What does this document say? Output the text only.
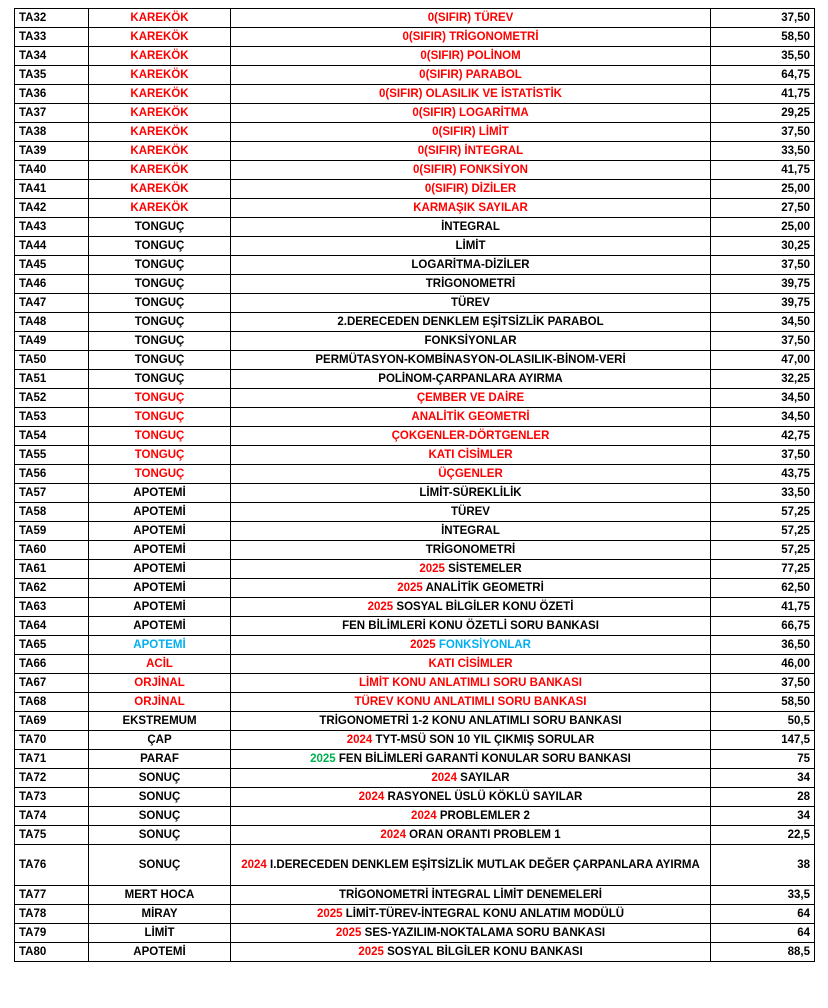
TA32	KAREKÖK	0(SIFIR) TÜREV	37,50
TA33	KAREKÖK	0(SIFIR) TRİGONOMETRİ	58,50
TA34	KAREKÖK	0(SIFIR) POLİNOM	35,50
TA35	KAREKÖK	0(SIFIR) PARABOL	64,75
TA36	KAREKÖK	0(SIFIR) OLASILIK VE İSTATİSTİK	41,75
TA37	KAREKÖK	0(SIFIR) LOGARİTMA	29,25
TA38	KAREKÖK	0(SIFIR) LİMİT	37,50
TA39	KAREKÖK	0(SIFIR) İNTEGRAL	33,50
TA40	KAREKÖK	0(SIFIR) FONKSİYON	41,75
TA41	KAREKÖK	0(SIFIR) DİZİLER	25,00
TA42	KAREKÖK	KARMAŞIK SAYILAR	27,50
TA43	TONGUÇ	İNTEGRAL	25,00
TA44	TONGUÇ	LİMİT	30,25
TA45	TONGUÇ	LOGARİTMA-DİZİLER	37,50
TA46	TONGUÇ	TRİGONOMETRİ	39,75
TA47	TONGUÇ	TÜREV	39,75
TA48	TONGUÇ	2.DERECEDEN DENKLEM EŞİTSİZLİK PARABOL	34,50
TA49	TONGUÇ	FONKSİYONLAR	37,50
TA50	TONGUÇ	PERMÜTASYON-KOMBİNASYON-OLASILIK-BİNOM-VERİ	47,00
TA51	TONGUÇ	POLİNOM-ÇARPANLARA AYIRMA	32,25
TA52	TONGUÇ	ÇEMBER VE DAİRE	34,50
TA53	TONGUÇ	ANALİTİK GEOMETRİ	34,50
TA54	TONGUÇ	ÇOKGENLER-DÖRTGENLER	42,75
TA55	TONGUÇ	KATI CİSİMLER	37,50
TA56	TONGUÇ	ÜÇGENLER	43,75
TA57	APOTEMİ	LİMİT-SÜREKLİLİK	33,50
TA58	APOTEMİ	TÜREV	57,25
TA59	APOTEMİ	İNTEGRAL	57,25
TA60	APOTEMİ	TRİGONOMETRİ	57,25
TA61	APOTEMİ	2025 SİSTEMELER	77,25
TA62	APOTEMİ	2025 ANALİTİK GEOMETRİ	62,50
TA63	APOTEMİ	2025 SOSYAL BİLGİLER KONU ÖZETİ	41,75
TA64	APOTEMİ	FEN BİLİMLERİ KONU ÖZETLİ SORU BANKASI	66,75
TA65	APOTEMİ	2025 FONKSİYONLAR	36,50
TA66	ACİL	KATI CİSİMLER	46,00
TA67	ORJİNAL	LİMİT KONU ANLATIMLI SORU BANKASI	37,50
TA68	ORJİNAL	TÜREV KONU ANLATIMLI SORU BANKASI	58,50
TA69	EKSTREMUM	TRİGONOMETRİ 1-2 KONU ANLATIMLI SORU BANKASI	50,5
TA70	ÇAP	2024 TYT-MSÜ SON 10 YIL ÇIKMIŞ SORULAR	147,5
TA71	PARAF	2025 FEN BİLİMLERİ GARANTİ KONULAR SORU BANKASI	75
TA72	SONUÇ	2024 SAYILAR	34
TA73	SONUÇ	2024 RASYONEL ÜSLÜ KÖKLÜ SAYILAR	28
TA74	SONUÇ	2024 PROBLEMLER 2	34
TA75	SONUÇ	2024 ORAN ORANTI PROBLEM 1	22,5
TA76	SONUÇ	2024 I.DERECEDEN DENKLEM EŞİTSİZLİK MUTLAK DEĞER ÇARPANLARA AYIRMA	38
TA77	MERT HOCA	TRİGONOMETRİ İNTEGRAL LİMİT DENEMELERİ	33,5
TA78	MİRAY	2025 LİMİT-TÜREV-İNTEGRAL KONU ANLATIM MODÜLÜ	64
TA79	LİMİT	2025 SES-YAZILIM-NOKTALAMA SORU BANKASI	64
TA80	APOTEMİ	2025 SOSYAL BİLGİLER KONU BANKASI	88,5
